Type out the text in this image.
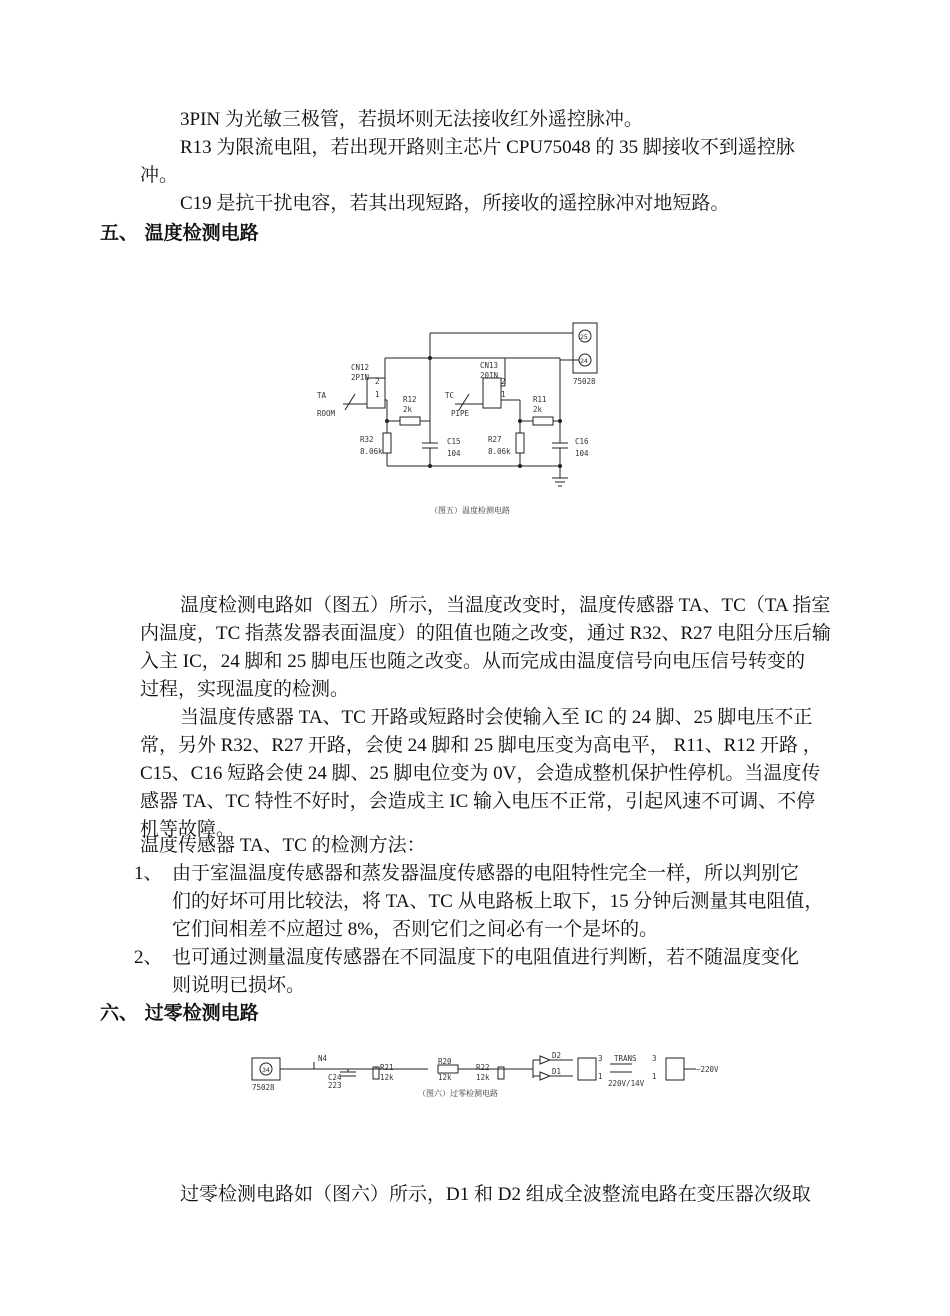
3PIN 为光敏三极管，若损坏则无法接收红外遥控脉冲。
R13 为限流电阻，若出现开路则主芯片 CPU75048 的 35 脚接收不到遥控脉
冲。
C19 是抗干扰电容，若其出现短路，所接收的遥控脉冲对地短路。
五、 温度检测电路
CN12
2PIN 2
1
TA
ROOM
R12
2k
R32
8.06k
C15
104
CN13
20IN
2
1
TC
PIPE
R11
2k
R27
8.06k
C16
104
25
24
75028
（图五）温度检测电路
温度检测电路如（图五）所示，当温度改变时，温度传感器 TA、TC（TA 指室
内温度，TC 指蒸发器表面温度）的阻值也随之改变，通过 R32、R27 电阻分压后输
入主 IC，24 脚和 25 脚电压也随之改变。从而完成由温度信号向电压信号转变的
过程，实现温度的检测。
当温度传感器 TA、TC 开路或短路时会使输入至 IC 的 24 脚、25 脚电压不正
常，另外 R32、R27 开路，会使 24 脚和 25 脚电压变为高电平， R11、R12 开路 ，
C15、C16 短路会使 24 脚、25 脚电位变为 0V，会造成整机保护性停机。当温度传
感器 TA、TC 特性不好时，会造成主 IC 输入电压不正常，引起风速不可调、不停
机等故障。
温度传感器 TA、TC 的检测方法：
1、 由于室温温度传感器和蒸发器温度传感器的电阻特性完全一样，所以判别它
们的好坏可用比较法，将 TA、TC 从电路板上取下，15 分钟后测量其电阻值，
它们间相差不应超过 8%，否则它们之间必有一个是坏的。
2、 也可通过测量温度传感器在不同温度下的电阻值进行判断，若不随温度变化
则说明已损坏。
六、 过零检测电路
34
75028
N4
C24
223
R21
12k
R20
12k
R22
12k
D2
D1
3
1
TRANS
220V/14V
3
1
~220V
（图六）过零检测电路
过零检测电路如（图六）所示，D1 和 D2 组成全波整流电路在变压器次级取
